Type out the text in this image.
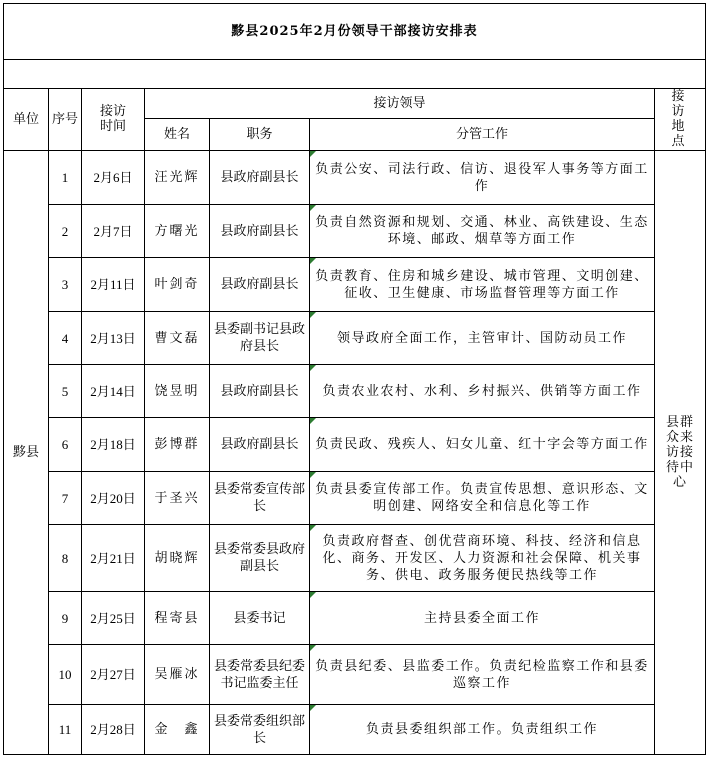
黟县2025年2月份领导干部接访安排表						

单位	序号	接访时间	接访领导			接访地点
			姓名	职务	分管工作	
黟县	1	2月6日	汪光辉	县政府副县长	负责公安、司法行政、信访、退役军人事务等方面工作	县群众来访接待中心
	2	2月7日	方曙光	县政府副县长	负责自然资源和规划、交通、林业、高铁建设、生态环境、邮政、烟草等方面工作	
	3	2月11日	叶剑奇	县政府副县长	负责教育、住房和城乡建设、城市管理、文明创建、征收、卫生健康、市场监督管理等方面工作	
	4	2月13日	曹文磊	县委副书记县政府县长	领导政府全面工作，主管审计、国防动员工作	
	5	2月14日	饶昱明	县政府副县长	负责农业农村、水利、乡村振兴、供销等方面工作	
	6	2月18日	彭博群	县政府副县长	负责民政、残疾人、妇女儿童、红十字会等方面工作	
	7	2月20日	于圣兴	县委常委宣传部长	负责县委宣传部工作。负责宣传思想、意识形态、文明创建、网络安全和信息化等工作	
	8	2月21日	胡晓辉	县委常委县政府副县长	负责政府督查、创优营商环境、科技、经济和信息化、商务、开发区、人力资源和社会保障、机关事务、供电、政务服务便民热线等工作	
	9	2月25日	程寄县	县委书记	主持县委全面工作	
	10	2月27日	吴雁冰	县委常委县纪委书记监委主任	负责县纪委、县监委工作。负责纪检监察工作和县委巡察工作	
	11	2月28日	金　鑫	县委常委组织部长	负责县委组织部工作。负责组织工作	
